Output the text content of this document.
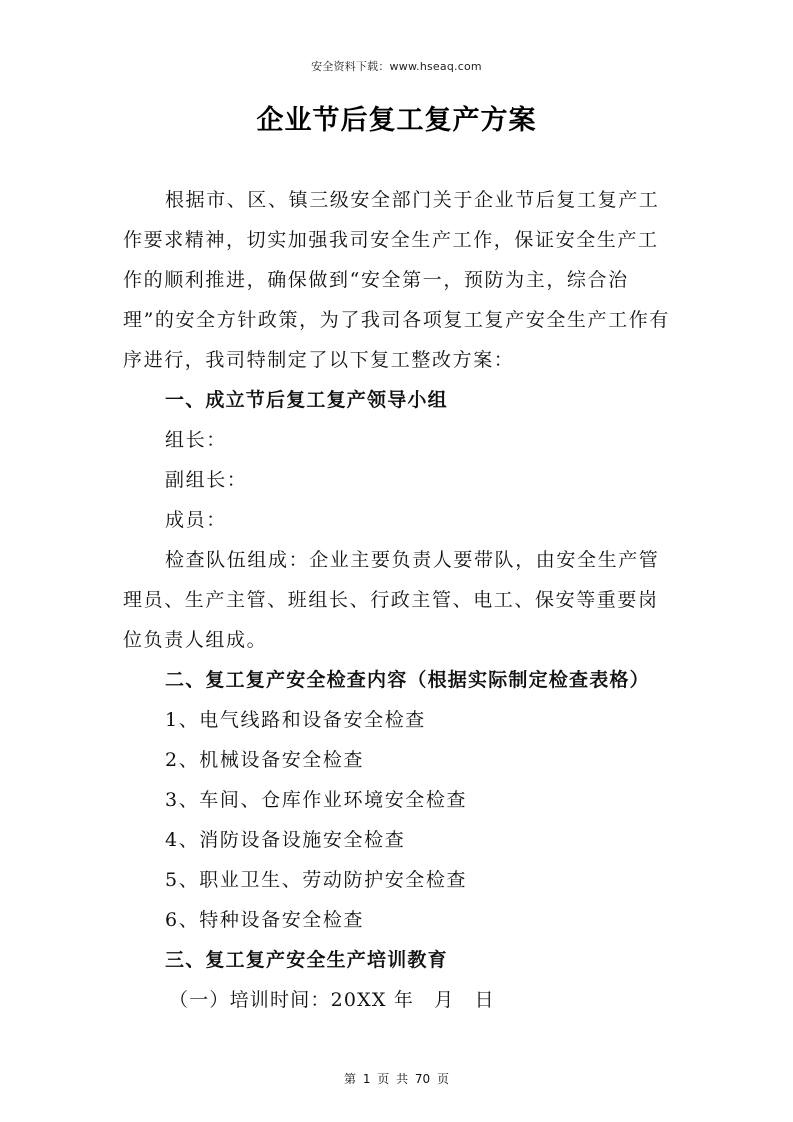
安全资料下载：www.hseaq.com
企业节后复工复产方案

根据市、区、镇三级安全部门关于企业节后复工复产工作要求精神，切实加强我司安全生产工作，保证安全生产工作的顺利推进，确保做到“安全第一，预防为主，综合治理”的安全方针政策，为了我司各项复工复产安全生产工作有序进行，我司特制定了以下复工整改方案：

一、成立节后复工复产领导小组

组长：

副组长：

成员：

检查队伍组成：企业主要负责人要带队，由安全生产管理员、生产主管、班组长、行政主管、电工、保安等重要岗位负责人组成。

二、复工复产安全检查内容（根据实际制定检查表格）

1、电气线路和设备安全检查

2、机械设备安全检查

3、车间、仓库作业环境安全检查

4、消防设备设施安全检查

5、职业卫生、劳动防护安全检查

6、特种设备安全检查

三、复工复产安全生产培训教育

（一）培训时间：20XX 年　月　日

第 1 页 共 70 页
